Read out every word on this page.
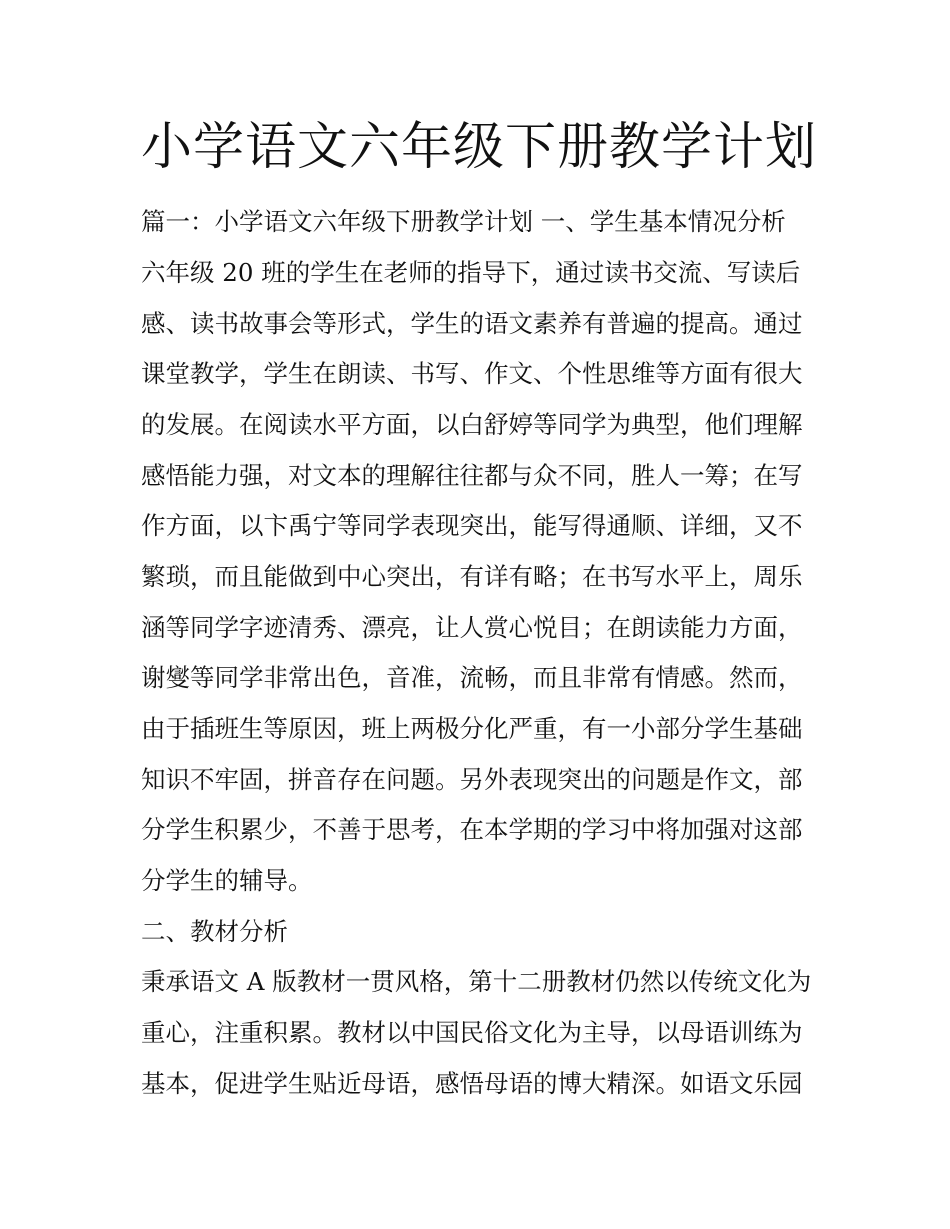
小学语文六年级下册教学计划
篇一：小学语文六年级下册教学计划 一、学生基本情况分析
六年级 20 班的学生在老师的指导下，通过读书交流、写读后
感、读书故事会等形式，学生的语文素养有普遍的提高。通过
课堂教学，学生在朗读、书写、作文、个性思维等方面有很大
的发展。在阅读水平方面，以白舒婷等同学为典型，他们理解
感悟能力强，对文本的理解往往都与众不同，胜人一筹；在写
作方面，以卞禹宁等同学表现突出，能写得通顺、详细，又不
繁琐，而且能做到中心突出，有详有略；在书写水平上，周乐
涵等同学字迹清秀、漂亮，让人赏心悦目；在朗读能力方面，
谢燮等同学非常出色，音准，流畅，而且非常有情感。然而，
由于插班生等原因，班上两极分化严重，有一小部分学生基础
知识不牢固，拼音存在问题。另外表现突出的问题是作文，部
分学生积累少，不善于思考，在本学期的学习中将加强对这部
分学生的辅导。
二、教材分析
秉承语文 A 版教材一贯风格，第十二册教材仍然以传统文化为
重心，注重积累。教材以中国民俗文化为主导，以母语训练为
基本，促进学生贴近母语，感悟母语的博大精深。如语文乐园
